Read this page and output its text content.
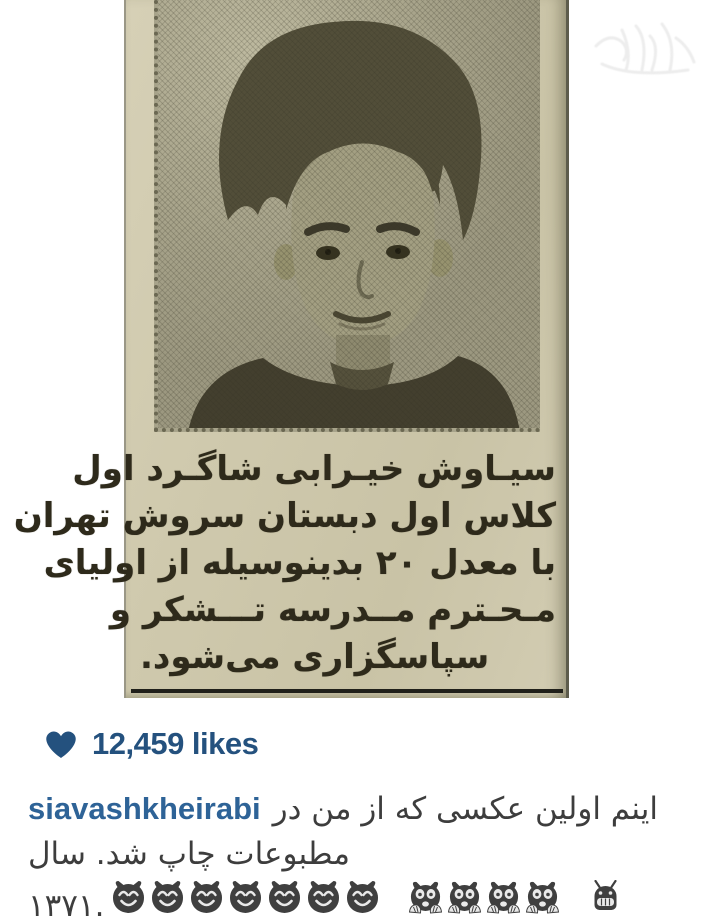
سیـاوش خیـرابی شاگـرد اول
کلاس اول دبستان سروش تهران
با معدل ۲۰ بدینوسیله از اولیای
مـحـترم مــدرسه تـــشکر و
سپاسگزاری می‌شود.
12,459 likes
siavashkheirabi اینم اولین عکسی که از من در
مطبوعات چاپ شد. سال
۱۳۷۱.
